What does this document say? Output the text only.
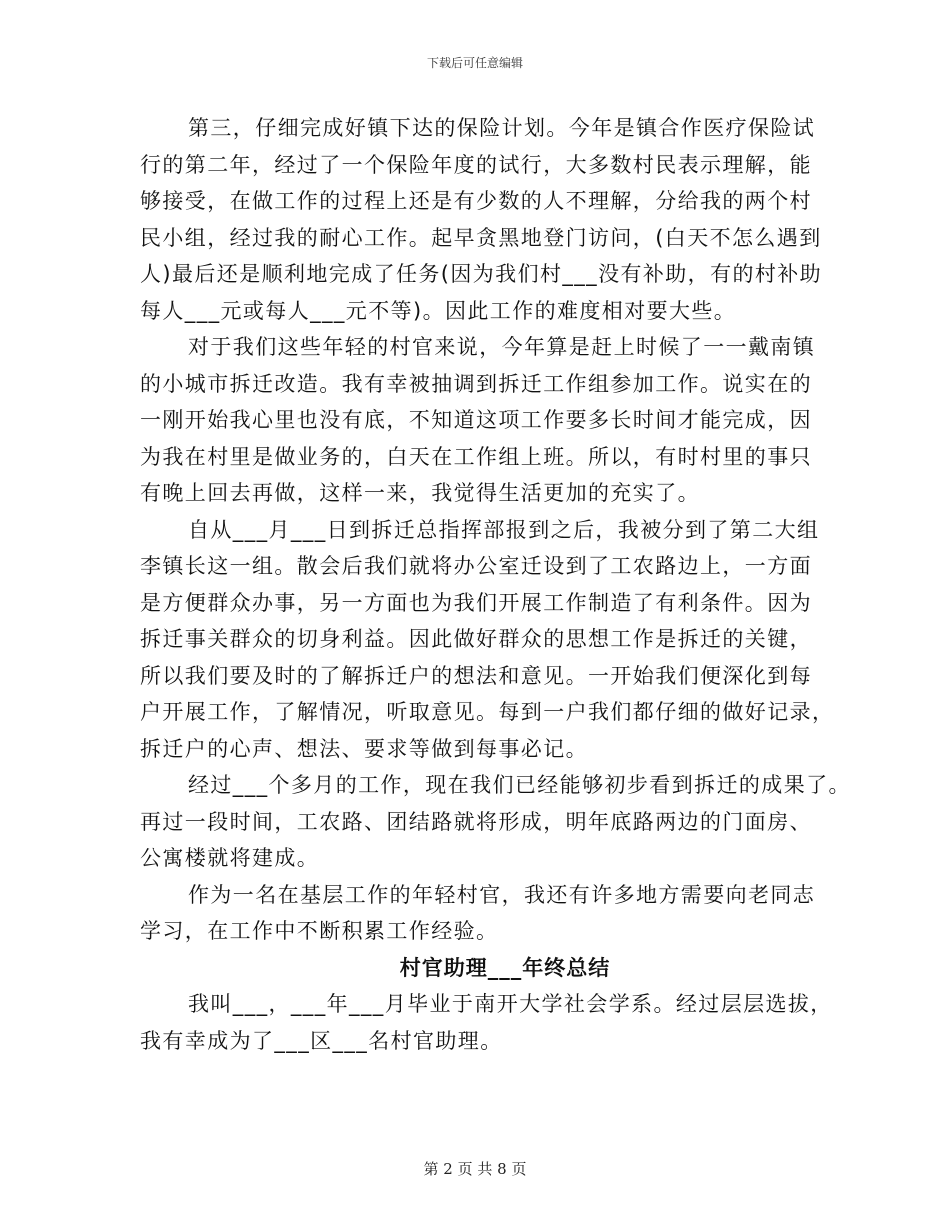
下载后可任意编辑
第三，仔细完成好镇下达的保险计划。今年是镇合作医疗保险试
行的第二年，经过了一个保险年度的试行，大多数村民表示理解，能
够接受，在做工作的过程上还是有少数的人不理解，分给我的两个村
民小组，经过我的耐心工作。起早贪黑地登门访问，(白天不怎么遇到
人)最后还是顺利地完成了任务(因为我们村___没有补助，有的村补助
每人___元或每人___元不等)。因此工作的难度相对要大些。
对于我们这些年轻的村官来说，今年算是赶上时候了一一戴南镇
的小城市拆迁改造。我有幸被抽调到拆迁工作组参加工作。说实在的
一刚开始我心里也没有底，不知道这项工作要多长时间才能完成，因
为我在村里是做业务的，白天在工作组上班。所以，有时村里的事只
有晚上回去再做，这样一来，我觉得生活更加的充实了。
自从___月___日到拆迁总指挥部报到之后，我被分到了第二大组
李镇长这一组。散会后我们就将办公室迁设到了工农路边上，一方面
是方便群众办事，另一方面也为我们开展工作制造了有利条件。因为
拆迁事关群众的切身利益。因此做好群众的思想工作是拆迁的关键，
所以我们要及时的了解拆迁户的想法和意见。一开始我们便深化到每
户开展工作，了解情况，听取意见。每到一户我们都仔细的做好记录，
拆迁户的心声、想法、要求等做到每事必记。
经过___个多月的工作，现在我们已经能够初步看到拆迁的成果了。
再过一段时间，工农路、团结路就将形成，明年底路两边的门面房、
公寓楼就将建成。
作为一名在基层工作的年轻村官，我还有许多地方需要向老同志
学习，在工作中不断积累工作经验。
村官助理___年终总结
我叫___，___年___月毕业于南开大学社会学系。经过层层选拔，
我有幸成为了___区___名村官助理。
第 2 页 共 8 页
